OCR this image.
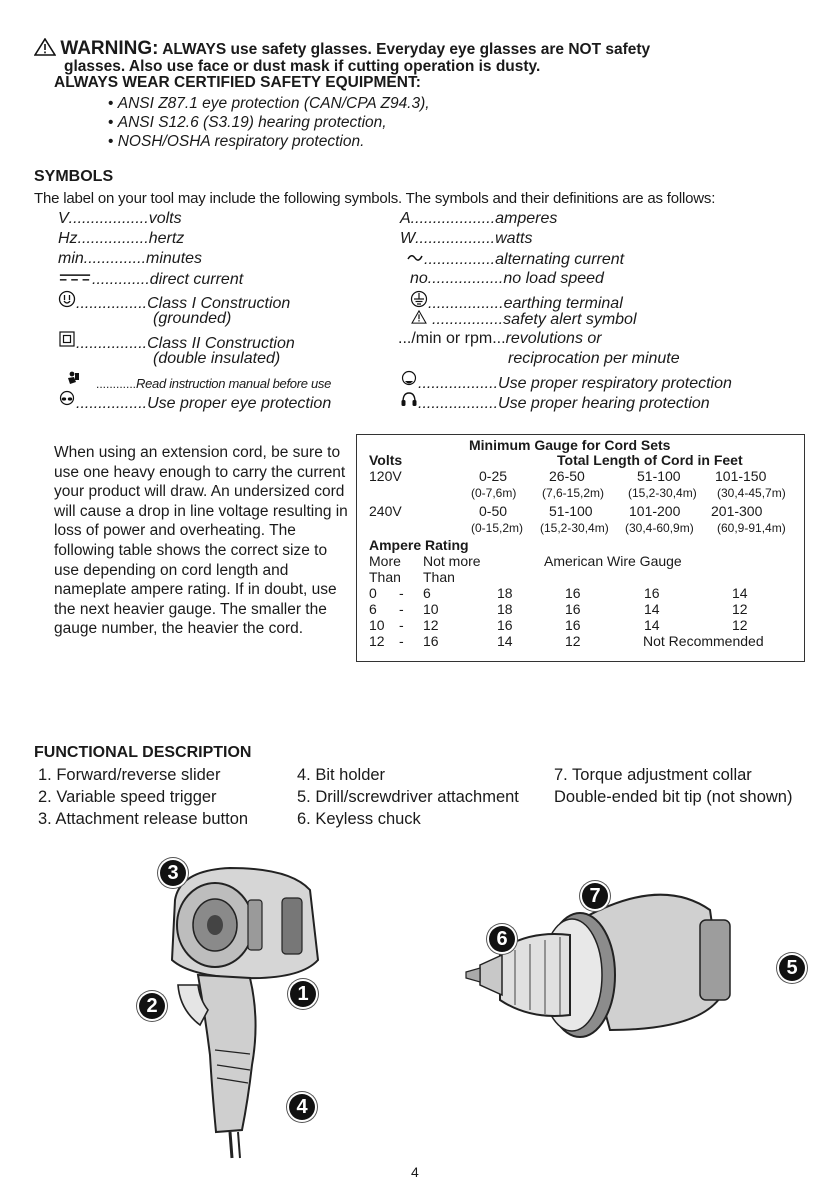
WARNING: ALWAYS use safety glasses. Everyday eye glasses are NOT safety
glasses. Also use face or dust mask if cutting operation is dusty.
ALWAYS WEAR CERTIFIED SAFETY EQUIPMENT:
• ANSI Z87.1 eye protection (CAN/CPA Z94.3),
• ANSI S12.6 (S3.19) hearing protection,
• NOSH/OSHA respiratory protection.
SYMBOLS
The label on your tool may include the following symbols. The symbols and their definitions are as follows:
V .................. volts
Hz ................ hertz
min .............. minutes
............. direct current
................ Class I Construction
(grounded)
................ Class II Construction
(double insulated)
............ Read instruction manual before use
................ Use proper eye protection
A ................... amperes
W .................. watts
................ alternating current
no ................. no load speed
................. earthing terminal
................ safety alert symbol
.../min or rpm ... revolutions or
reciprocation per minute
.................. Use proper respiratory protection
.................. Use proper hearing protection
When using an extension cord, be sure to use one heavy enough to carry the current your product will draw. An undersized cord will cause a drop in line voltage resulting in loss of power and overheating. The following table shows the correct size to use depending on cord length and nameplate ampere rating. If in doubt, use the next heavier gauge. The smaller the gauge number, the heavier the cord.
Minimum Gauge for Cord Sets
Volts	Total Length of Cord in Feet
120V	0-25	26-50	51-100 101-150
(0-7,6m) (7,6-15,2m) (15,2-30,4m) (30,4-45,7m)
240V	0-50	51-100	101-200 201-300
(0-15,2m) (15,2-30,4m) (30,4-60,9m) (60,9-91,4m)
Ampere Rating
More Not more	American Wire Gauge
Than Than
0 - 6	18	16	16	14
6 - 10	18	16	14	12
10 - 12	16	16	14	12
12 - 16	14	12	Not Recommended
FUNCTIONAL DESCRIPTION
1. Forward/reverse slider
2. Variable speed trigger
3. Attachment release button
4. Bit holder
5. Drill/screwdriver attachment
6. Keyless chuck
7. Torque adjustment collar
Double-ended bit tip (not shown)
3
2
1
4
7
6
5
4
